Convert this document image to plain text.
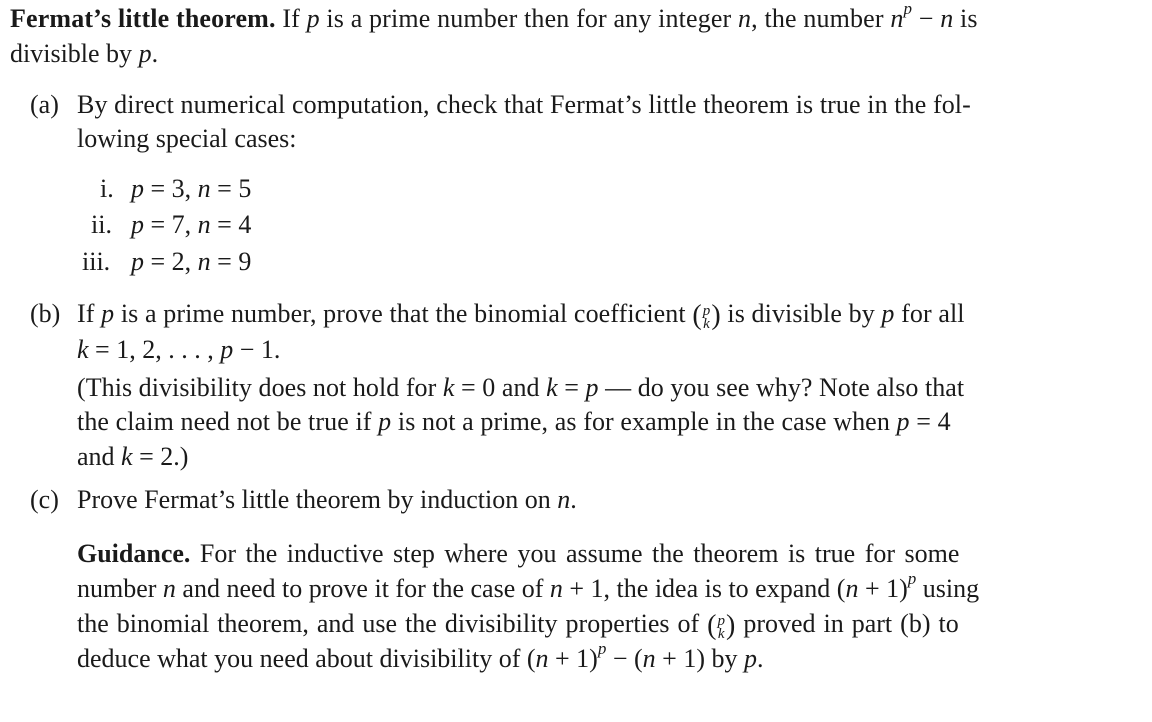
Fermat’s little theorem. If p is a prime number then for any integer n, the number $n^p - n$ is
divisible by p.
(a) By direct numerical computation, check that Fermat’s little theorem is true in the fol-
lowing special cases:
i. p = 3, n = 5
ii. p = 7, n = 4
iii. p = 2, n = 9
(b) If p is a prime number, prove that the binomial coefficient ( p
k ) is divisible by p for all
k = 1, 2, . . . , p − 1.
(This divisibility does not hold for k = 0 and k = p — do you see why? Note also that
the claim need not be true if p is not a prime, as for example in the case when p = 4
and k = 2.)
(c) Prove Fermat’s little theorem by induction on n.
Guidance. For the inductive step where you assume the theorem is true for some
number n and need to prove it for the case of n + 1, the idea is to expand $(n + 1)^p$ using
the binomial theorem, and use the divisibility properties of ( p
k ) proved in part (b) to
deduce what you need about divisibility of $(n + 1)^p - (n + 1)$ by p.
